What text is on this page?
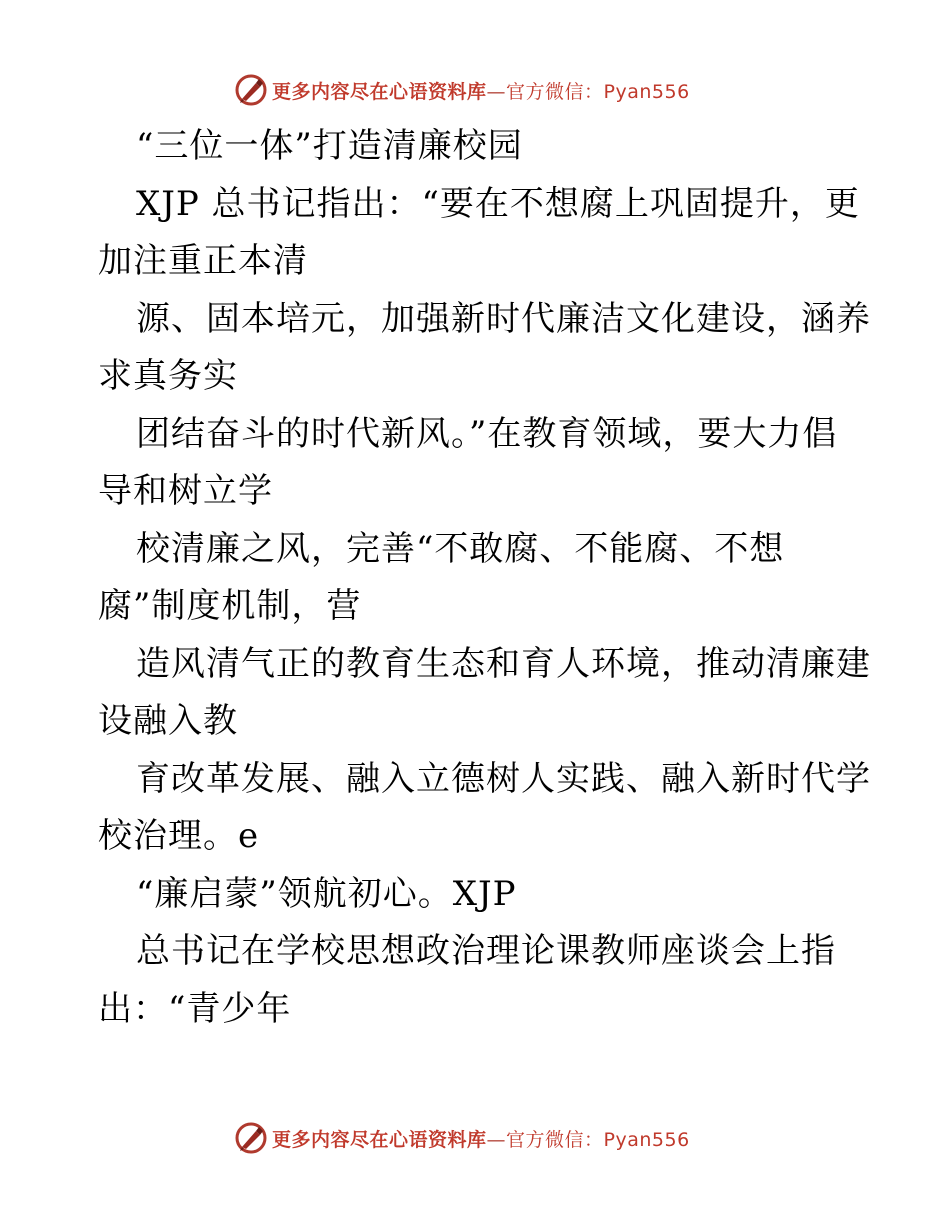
更多内容尽在心语资料库—官方微信：Pyan556
“三位一体”打造清廉校园
XJP 总书记指出：“要在不想腐上巩固提升，更
加注重正本清
源、固本培元，加强新时代廉洁文化建设，涵养
求真务实
团结奋斗的时代新风。”在教育领域，要大力倡
导和树立学
校清廉之风，完善“不敢腐、不能腐、不想
腐”制度机制，营
造风清气正的教育生态和育人环境，推动清廉建
设融入教
育改革发展、融入立德树人实践、融入新时代学
校治理。e
“廉启蒙”领航初心。XJP
总书记在学校思想政治理论课教师座谈会上指
出：“青少年
更多内容尽在心语资料库—官方微信：Pyan556
